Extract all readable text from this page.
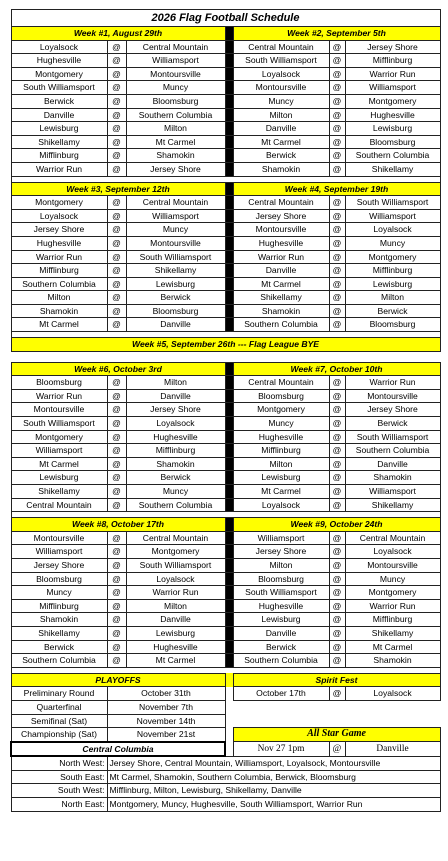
2026 Flag Football Schedule						
Week #1, August 29th				Week #2, September 5th		
Loyalsock	@	Central Mountain		Central Mountain	@	Jersey Shore
Hughesville	@	Williamsport		South Williamsport	@	Mifflinburg
Montgomery	@	Montoursville		Loyalsock	@	Warrior Run
South Williamsport	@	Muncy		Montoursville	@	Williamsport
Berwick	@	Bloomsburg		Muncy	@	Montgomery
Danville	@	Southern Columbia		Milton	@	Hughesville
Lewisburg	@	Milton		Danville	@	Lewisburg
Shikellamy	@	Mt Carmel		Mt Carmel	@	Bloomsburg
Mifflinburg	@	Shamokin		Berwick	@	Southern Columbia
Warrior Run	@	Jersey Shore		Shamokin	@	Shikellamy

Week #3, September 12th				Week #4, September 19th		
Montgomery	@	Central Mountain		Central Mountain	@	South Williamsport
Loyalsock	@	Williamsport		Jersey Shore	@	Williamsport
Jersey Shore	@	Muncy		Montoursville	@	Loyalsock
Hughesville	@	Montoursville		Hughesville	@	Muncy
Warrior Run	@	South Williamsport		Warrior Run	@	Montgomery
Mifflinburg	@	Shikellamy		Danville	@	Mifflinburg
Southern Columbia	@	Lewisburg		Mt Carmel	@	Lewisburg
Milton	@	Berwick		Shikellamy	@	Milton
Shamokin	@	Bloomsburg		Shamokin	@	Berwick
Mt Carmel	@	Danville		Southern Columbia	@	Bloomsburg

Week #5, September 26th --- Flag League BYE						

Week #6, October 3rd				Week #7, October 10th		
Bloomsburg	@	Milton		Central Mountain	@	Warrior Run
Warrior Run	@	Danville		Bloomsburg	@	Montoursville
Montoursville	@	Jersey Shore		Montgomery	@	Jersey Shore
South Williamsport	@	Loyalsock		Muncy	@	Berwick
Montgomery	@	Hughesville		Hughesville	@	South Williamsport
Williamsport	@	Mifflinburg		Mifflinburg	@	Southern Columbia
Mt Carmel	@	Shamokin		Milton	@	Danville
Lewisburg	@	Berwick		Lewisburg	@	Shamokin
Shikellamy	@	Muncy		Mt Carmel	@	Williamsport
Central Mountain	@	Southern Columbia		Loyalsock	@	Shikellamy

Week #8, October 17th				Week #9, October 24th		
Montoursville	@	Central Mountain		Williamsport	@	Central Mountain
Williamsport	@	Montgomery		Jersey Shore	@	Loyalsock
Jersey Shore	@	South Williamsport		Milton	@	Montoursville
Bloomsburg	@	Loyalsock		Bloomsburg	@	Muncy
Muncy	@	Warrior Run		South Williamsport	@	Montgomery
Mifflinburg	@	Milton		Hughesville	@	Warrior Run
Shamokin	@	Danville		Lewisburg	@	Mifflinburg
Shikellamy	@	Lewisburg		Danville	@	Shikellamy
Berwick	@	Hughesville		Berwick	@	Mt Carmel
Southern Columbia	@	Mt Carmel		Southern Columbia	@	Shamokin

PLAYOFFS				Spirit Fest		
Preliminary Round	October 31th			October 17th	@	Loyalsock
Quarterfinal	November 7th					
Semifinal (Sat)	November 14th					
Championship (Sat)	November 21st			All Star Game		
Central Columbia				Nov 27 1pm	@	Danville
North West:	Jersey Shore, Central Mountain, Williamsport, Loyalsock, Montoursville					
South East:	Mt Carmel, Shamokin, Southern Columbia, Berwick, Bloomsburg					
South West:	Mifflinburg, Milton, Lewisburg, Shikellamy, Danville					
North East:	Montgomery, Muncy, Hughesville, South Williamsport, Warrior Run					
